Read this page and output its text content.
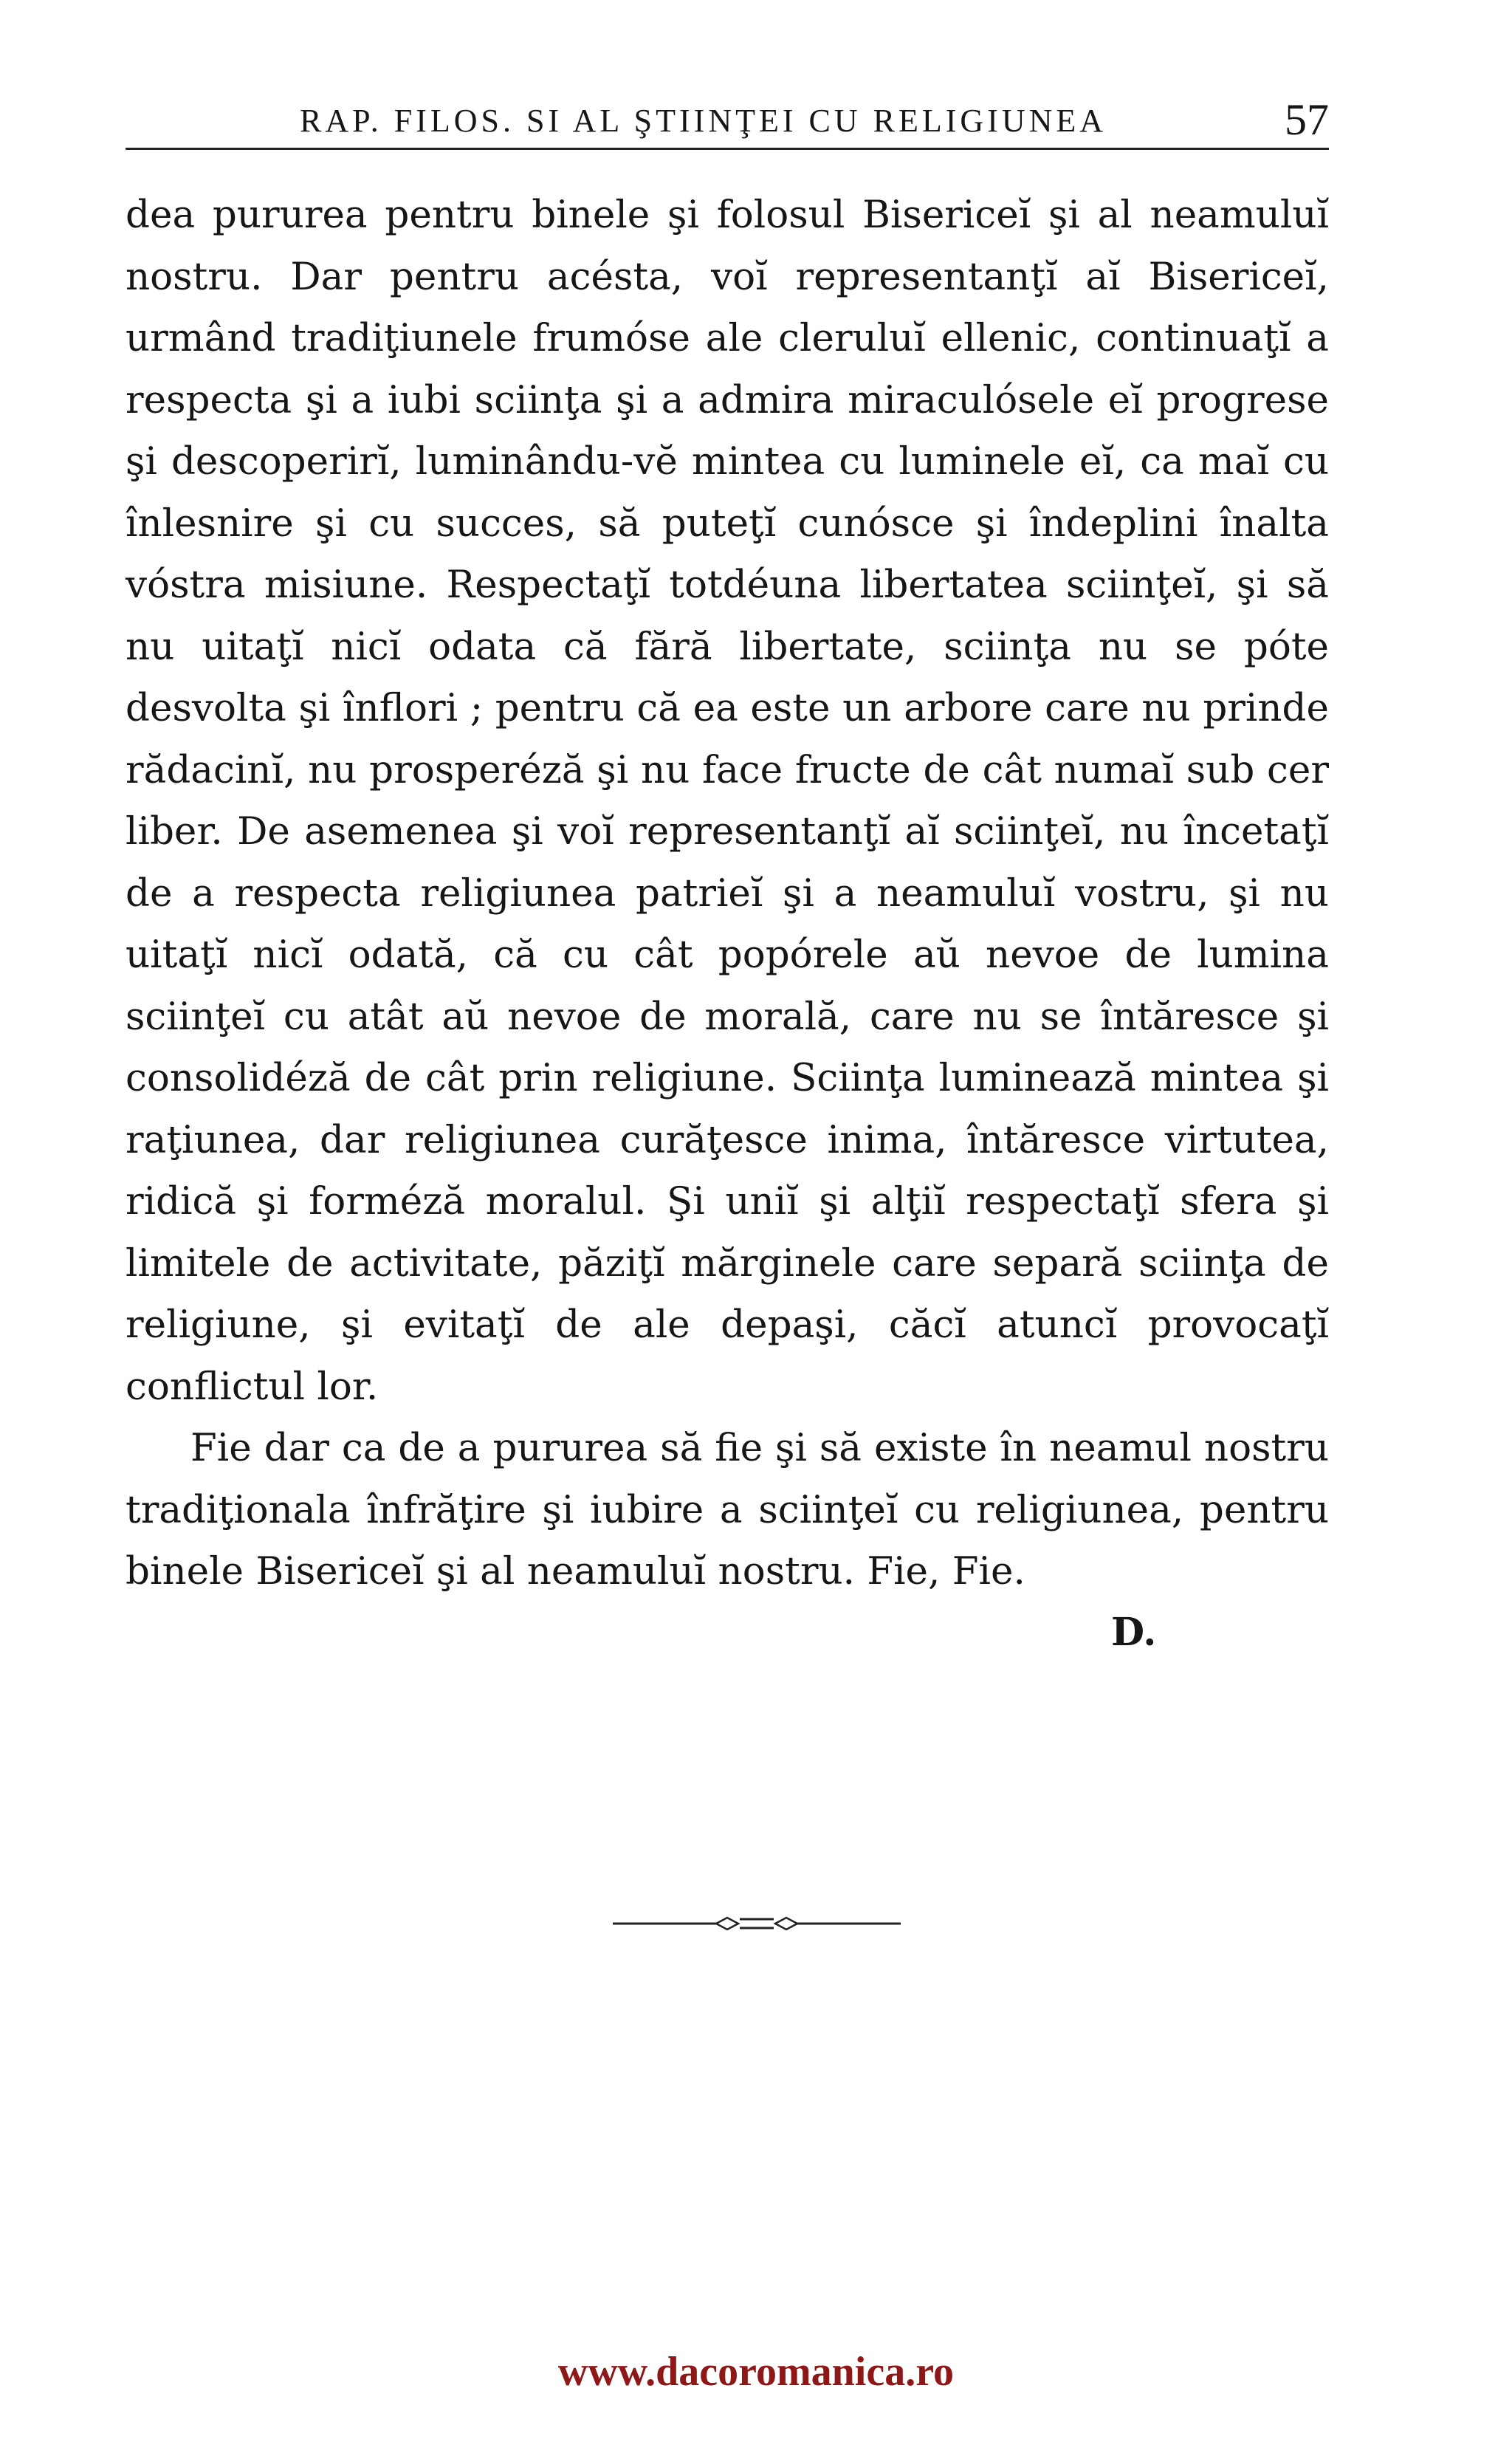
RAP. FILOS. SI AL ŞTIINŢEI CU RELIGIUNEA	57

dea pururea pentru binele şi folosul Bisericeĭ şi al neamuluĭ nostru. Dar pentru acésta, voĭ representanţĭ aĭ Bisericeĭ, urmând tradiţiunele frumóse ale cleruluĭ ellenic, continuaţĭ a respecta şi a iubi sciinţa şi a admira miraculósele eĭ progrese şi descoperirĭ, luminându-vĕ mintea cu luminele eĭ, ca maĭ cu înlesnire şi cu succes, să puteţĭ cunósce şi îndeplini înalta vóstra misiune. Respectaţĭ totdéuna libertatea sciinţeĭ, şi să nu uitaţĭ nicĭ odata că fără libertate, sciinţa nu se póte desvolta şi înflori ; pentru că ea este un arbore care nu prinde rădacinĭ, nu prosperéză şi nu face fructe de cât numaĭ sub cer liber. De asemenea şi voĭ representanţĭ aĭ sciinţeĭ, nu încetaţĭ de a respecta religiunea patrieĭ şi a neamuluĭ vostru, şi nu uitaţĭ nicĭ odată, că cu cât popórele aŭ nevoe de lumina sciinţeĭ cu atât aŭ nevoe de morală, care nu se întăresce şi consolidéză de cât prin religiune. Sciinţa luminează mintea şi raţiunea, dar religiunea curăţesce inima, întăresce virtutea, ridică şi forméză moralul. Şi uniĭ şi alţiĭ respectaţĭ sfera şi limitele de activitate, păziţĭ mărginele care separă sciinţa de religiune, şi evitaţĭ de ale depaşi, căcĭ atuncĭ provocaţĭ conflictul lor.

Fie dar ca de a pururea să fie şi să existe în neamul nostru tradiţionala înfrăţire şi iubire a sciinţeĭ cu religiunea, pentru binele Bisericeĭ şi al neamuluĭ nostru. Fie, Fie.

D.
www.dacoromanica.ro
